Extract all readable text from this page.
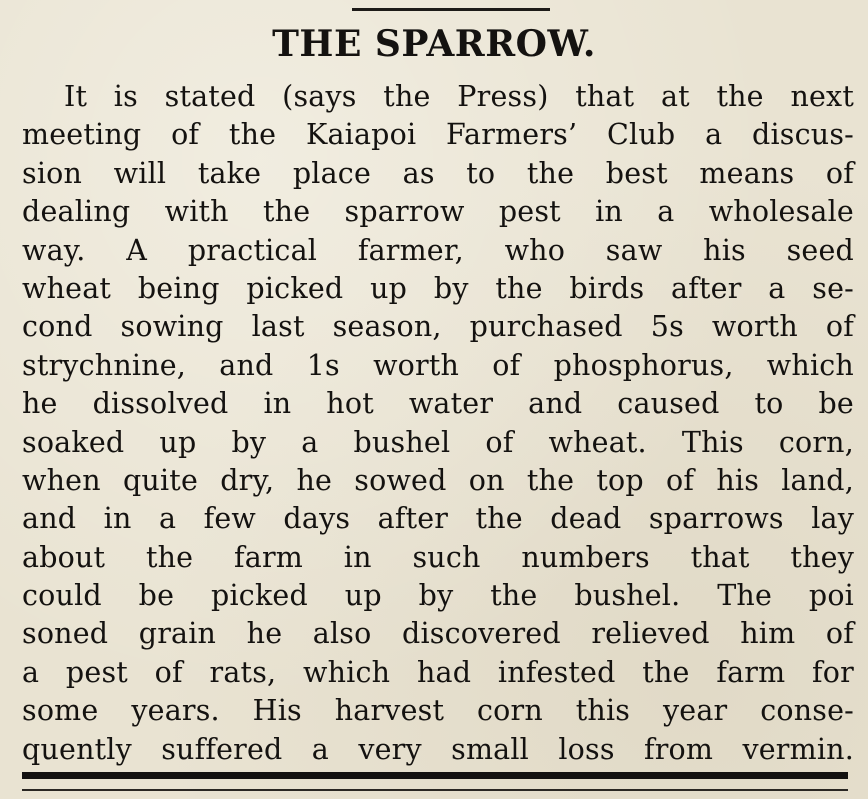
THE SPARROW.
It is stated (says the Press) that at the next
meeting of the Kaiapoi Farmers’ Club a discus-
sion will take place as to the best means of
dealing with the sparrow pest in a wholesale
way. A practical farmer, who saw his seed
wheat being picked up by the birds after a se-
cond sowing last season, purchased 5s worth of
strychnine, and 1s worth of phosphorus, which
he dissolved in hot water and caused to be
soaked up by a bushel of wheat. This corn,
when quite dry, he sowed on the top of his land,
and in a few days after the dead sparrows lay
about the farm in such numbers that they
could be picked up by the bushel. The poi
soned grain he also discovered relieved him of
a pest of rats, which had infested the farm for
some years. His harvest corn this year conse-
quently suffered a very small loss from vermin.
